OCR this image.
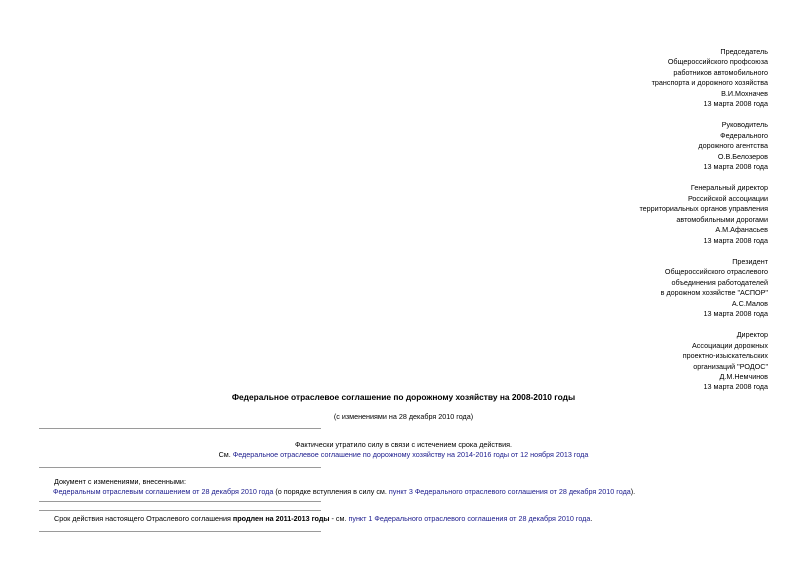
Председатель
Общероссийского профсоюза
работников автомобильного
транспорта и дорожного хозяйства
В.И.Мохначев
13 марта 2008 года
Руководитель
Федерального
дорожного агентства
О.В.Белозеров
13 марта 2008 года
Генеральный директор
Российской ассоциации
территориальных органов управления
автомобильными дорогами
А.М.Афанасьев
13 марта 2008 года
Президент
Общероссийского отраслевого
объединения работодателей
в дорожном хозяйстве "АСПОР"
А.С.Малов
13 марта 2008 года
Директор
Ассоциации дорожных
проектно-изыскательских
организаций "РОДОС"
Д.М.Немчинов
13 марта 2008 года
Федеральное отраслевое соглашение по дорожному хозяйству на 2008-2010 годы
(с изменениями на 28 декабря 2010 года)
Фактически утратило силу в связи с истечением срока действия.
См. Федеральное отраслевое соглашение по дорожному хозяйству на 2014-2016 годы от 12 ноября 2013 года
Документ с изменениями, внесенными:
Федеральным отраслевым соглашением от 28 декабря 2010 года (о порядке вступления в силу см. пункт 3 Федерального отраслевого соглашения от 28 декабря 2010 года).
Срок действия настоящего Отраслевого соглашения продлен на 2011-2013 годы - см. пункт 1 Федерального отраслевого соглашения от 28 декабря 2010 года.
